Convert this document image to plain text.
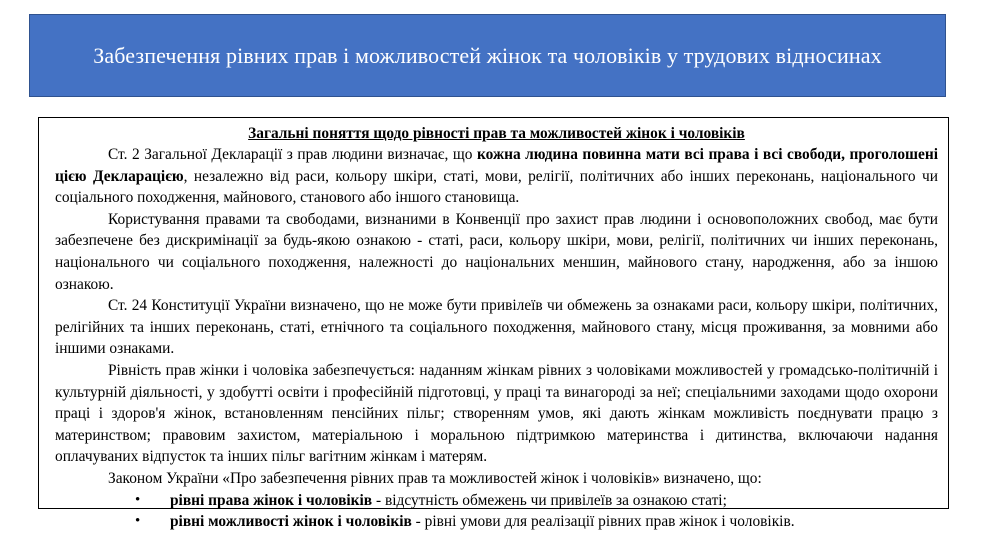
Забезпечення рівних прав і можливостей жінок та чоловіків у трудових відносинах
Загальні поняття щодо рівності прав та можливостей жінок і чоловіків

Ст. 2 Загальної Декларації з прав людини визначає, що кожна людина повинна мати всі права і всі свободи, проголошені цією Декларацією, незалежно від раси, кольору шкіри, статі, мови, релігії, політичних або інших переконань, національного чи соціального походження, майнового, станового або іншого становища.

Користування правами та свободами, визнаними в Конвенції про захист прав людини і основоположних свобод, має бути забезпечене без дискримінації за будь-якою ознакою - статі, раси, кольору шкіри, мови, релігії, політичних чи інших переконань, національного чи соціального походження, належності до національних меншин, майнового стану, народження, або за іншою ознакою.

Ст. 24 Конституції України визначено, що не може бути привілеїв чи обмежень за ознаками раси, кольору шкіри, політичних, релігійних та інших переконань, статі, етнічного та соціального походження, майнового стану, місця проживання, за мовними або іншими ознаками.

Рівність прав жінки і чоловіка забезпечується: наданням жінкам рівних з чоловіками можливостей у громадсько-політичній і культурній діяльності, у здобутті освіти і професійній підготовці, у праці та винагороді за неї; спеціальними заходами щодо охорони праці і здоров'я жінок, встановленням пенсійних пільг; створенням умов, які дають жінкам можливість поєднувати працю з материнством; правовим захистом, матеріальною і моральною підтримкою материнства і дитинства, включаючи надання оплачуваних відпусток та інших пільг вагітним жінкам і матерям.

Законом України «Про забезпечення рівних прав та можливостей жінок і чоловіків» визначено, що:

• рівні права жінок і чоловіків - відсутність обмежень чи привілеїв за ознакою статі;
• рівні можливості жінок і чоловіків - рівні умови для реалізації рівних прав жінок і чоловіків.
